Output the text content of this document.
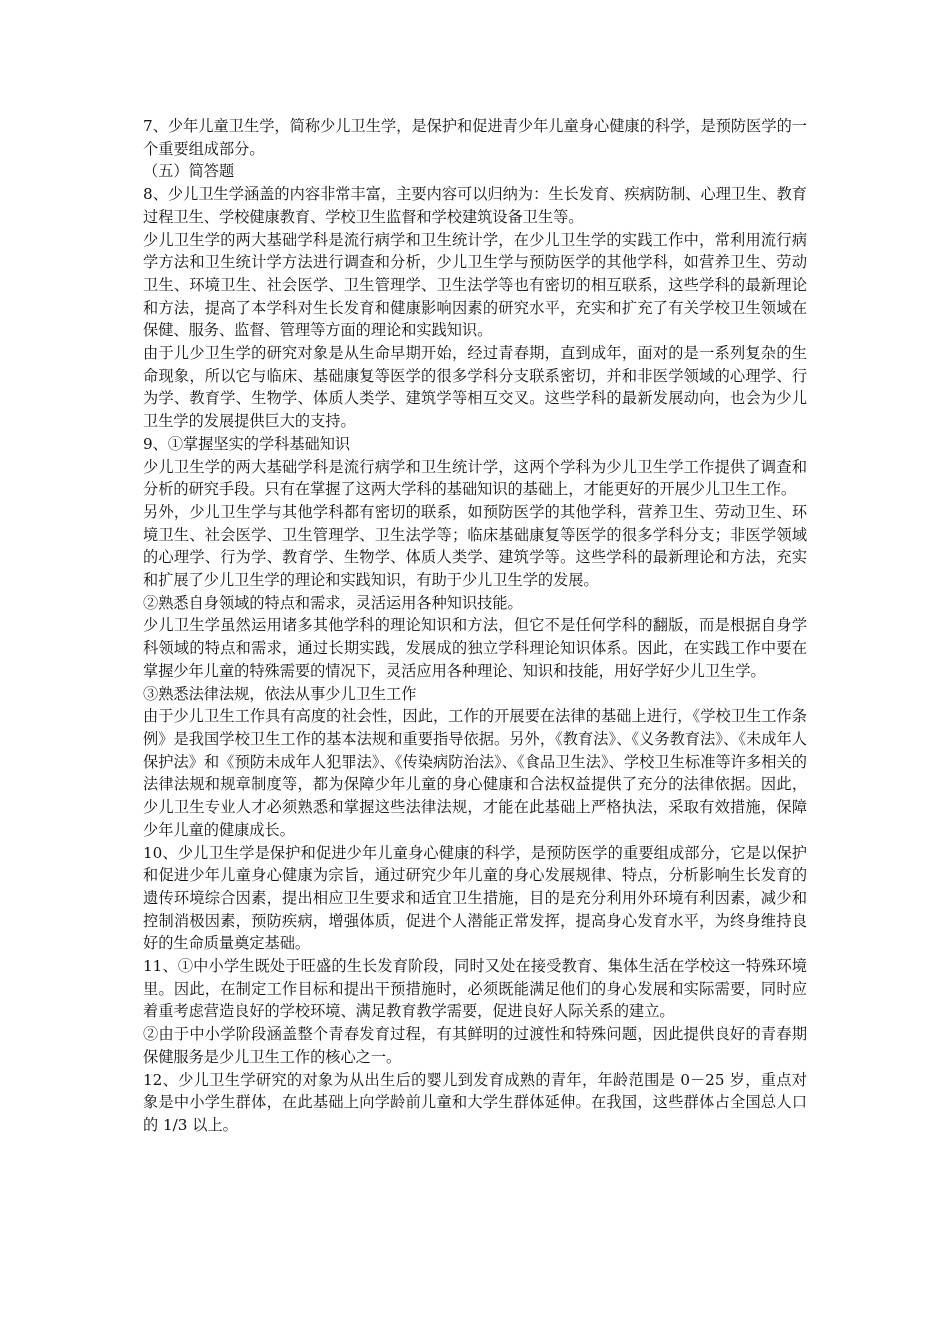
7、少年儿童卫生学，简称少儿卫生学，是保护和促进青少年儿童身心健康的科学，是预防医学的一个重要组成部分。

（五）简答题

8、少儿卫生学涵盖的内容非常丰富，主要内容可以归纳为：生长发育、疾病防制、心理卫生、教育过程卫生、学校健康教育、学校卫生监督和学校建筑设备卫生等。

少儿卫生学的两大基础学科是流行病学和卫生统计学，在少儿卫生学的实践工作中，常利用流行病学方法和卫生统计学方法进行调查和分析，少儿卫生学与预防医学的其他学科，如营养卫生、劳动卫生、环境卫生、社会医学、卫生管理学、卫生法学等也有密切的相互联系，这些学科的最新理论和方法，提高了本学科对生长发育和健康影响因素的研究水平，充实和扩充了有关学校卫生领域在保健、服务、监督、管理等方面的理论和实践知识。

由于儿少卫生学的研究对象是从生命早期开始，经过青春期，直到成年，面对的是一系列复杂的生命现象，所以它与临床、基础康复等医学的很多学科分支联系密切，并和非医学领域的心理学、行为学、教育学、生物学、体质人类学、建筑学等相互交叉。这些学科的最新发展动向，也会为少儿卫生学的发展提供巨大的支持。

9、①掌握坚实的学科基础知识

少儿卫生学的两大基础学科是流行病学和卫生统计学，这两个学科为少儿卫生学工作提供了调查和分析的研究手段。只有在掌握了这两大学科的基础知识的基础上，才能更好的开展少儿卫生工作。

另外，少儿卫生学与其他学科都有密切的联系，如预防医学的其他学科，营养卫生、劳动卫生、环境卫生、社会医学、卫生管理学、卫生法学等；临床基础康复等医学的很多学科分支；非医学领域的心理学、行为学、教育学、生物学、体质人类学、建筑学等。这些学科的最新理论和方法，充实和扩展了少儿卫生学的理论和实践知识，有助于少儿卫生学的发展。

②熟悉自身领域的特点和需求，灵活运用各种知识技能。

少儿卫生学虽然运用诸多其他学科的理论知识和方法，但它不是任何学科的翻版，而是根据自身学科领域的特点和需求，通过长期实践，发展成的独立学科理论知识体系。因此，在实践工作中要在掌握少年儿童的特殊需要的情况下，灵活应用各种理论、知识和技能，用好学好少儿卫生学。

③熟悉法律法规，依法从事少儿卫生工作

由于少儿卫生工作具有高度的社会性，因此，工作的开展要在法律的基础上进行，《学校卫生工作条例》是我国学校卫生工作的基本法规和重要指导依据。另外，《教育法》、《义务教育法》、《未成年人保护法》和《预防未成年人犯罪法》、《传染病防治法》、《食品卫生法》、学校卫生标准等许多相关的法律法规和规章制度等，都为保障少年儿童的身心健康和合法权益提供了充分的法律依据。因此，少儿卫生专业人才必须熟悉和掌握这些法律法规，才能在此基础上严格执法，采取有效措施，保障少年儿童的健康成长。

10、少儿卫生学是保护和促进少年儿童身心健康的科学，是预防医学的重要组成部分，它是以保护和促进少年儿童身心健康为宗旨，通过研究少年儿童的身心发展规律、特点，分析影响生长发育的遗传环境综合因素，提出相应卫生要求和适宜卫生措施，目的是充分利用外环境有利因素，减少和控制消极因素，预防疾病，增强体质，促进个人潜能正常发挥，提高身心发育水平，为终身维持良好的生命质量奠定基础。

11、①中小学生既处于旺盛的生长发育阶段，同时又处在接受教育、集体生活在学校这一特殊环境里。因此，在制定工作目标和提出干预措施时，必须既能满足他们的身心发展和实际需要，同时应着重考虑营造良好的学校环境、满足教育教学需要，促进良好人际关系的建立。

②由于中小学阶段涵盖整个青春发育过程，有其鲜明的过渡性和特殊问题，因此提供良好的青春期保健服务是少儿卫生工作的核心之一。

12、少儿卫生学研究的对象为从出生后的婴儿到发育成熟的青年，年龄范围是 0－25 岁，重点对象是中小学生群体，在此基础上向学龄前儿童和大学生群体延伸。在我国，这些群体占全国总人口的 1/3 以上。
